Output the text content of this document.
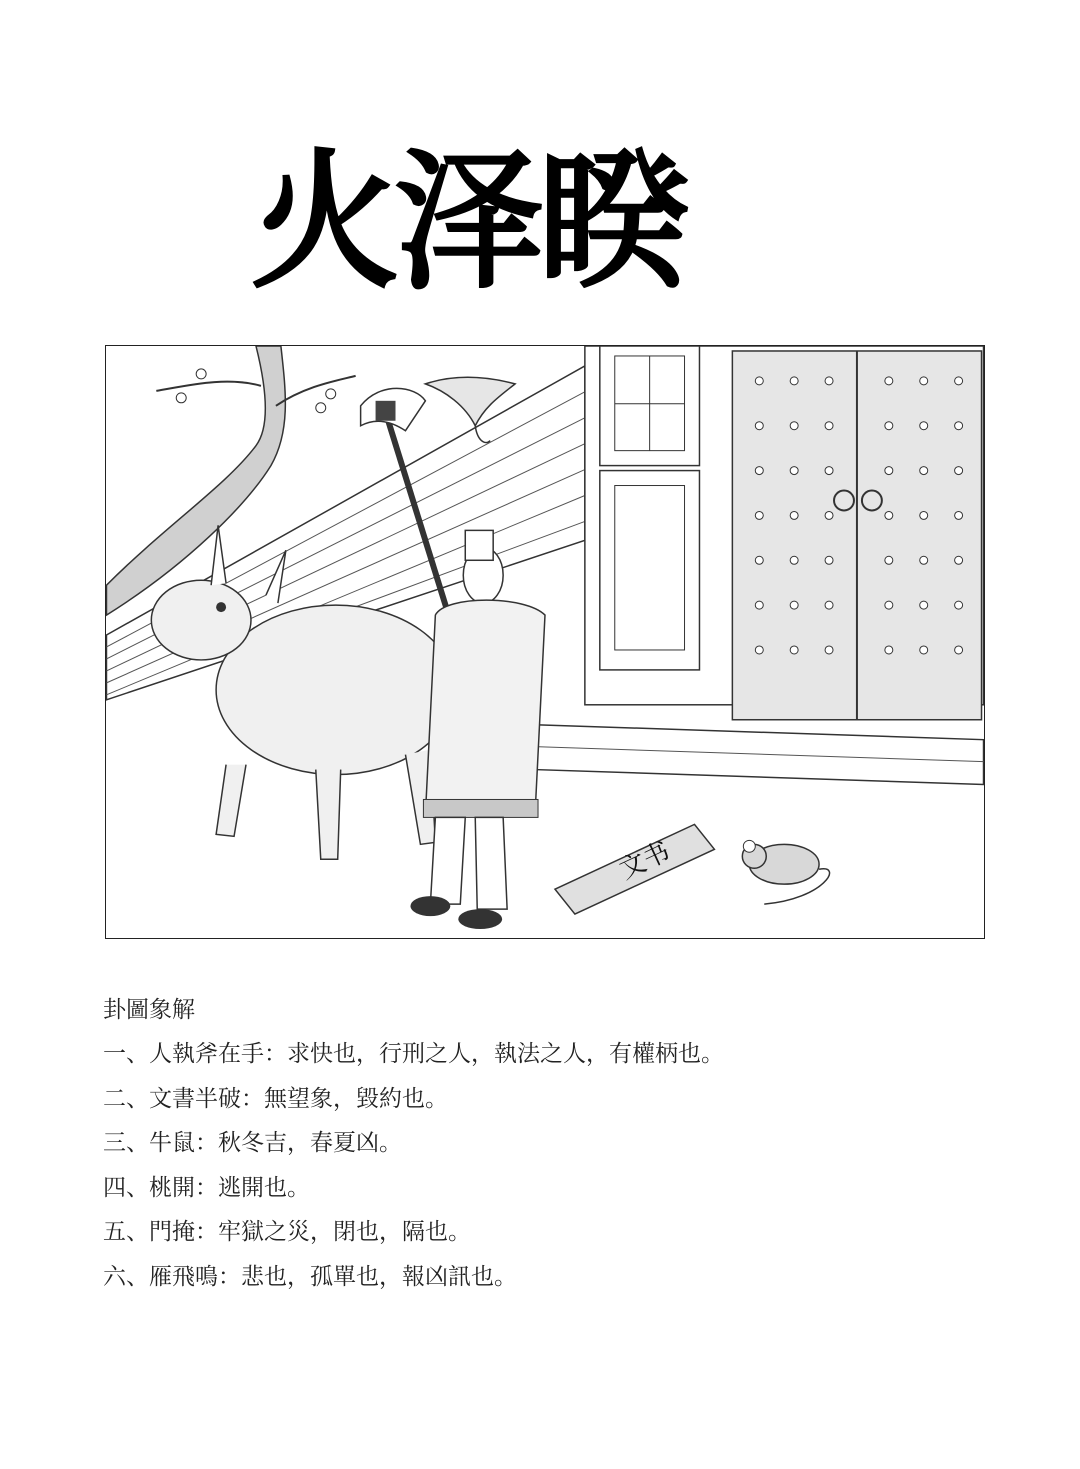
火泽睽
文书
卦圖象解
一、人執斧在手：求快也，行刑之人，執法之人，有權柄也。
二、文書半破：無望象，毀約也。
三、牛鼠：秋冬吉，春夏凶。
四、桃開：逃開也。
五、門掩：牢獄之災，閉也，隔也。
六、雁飛鳴：悲也，孤單也，報凶訊也。
